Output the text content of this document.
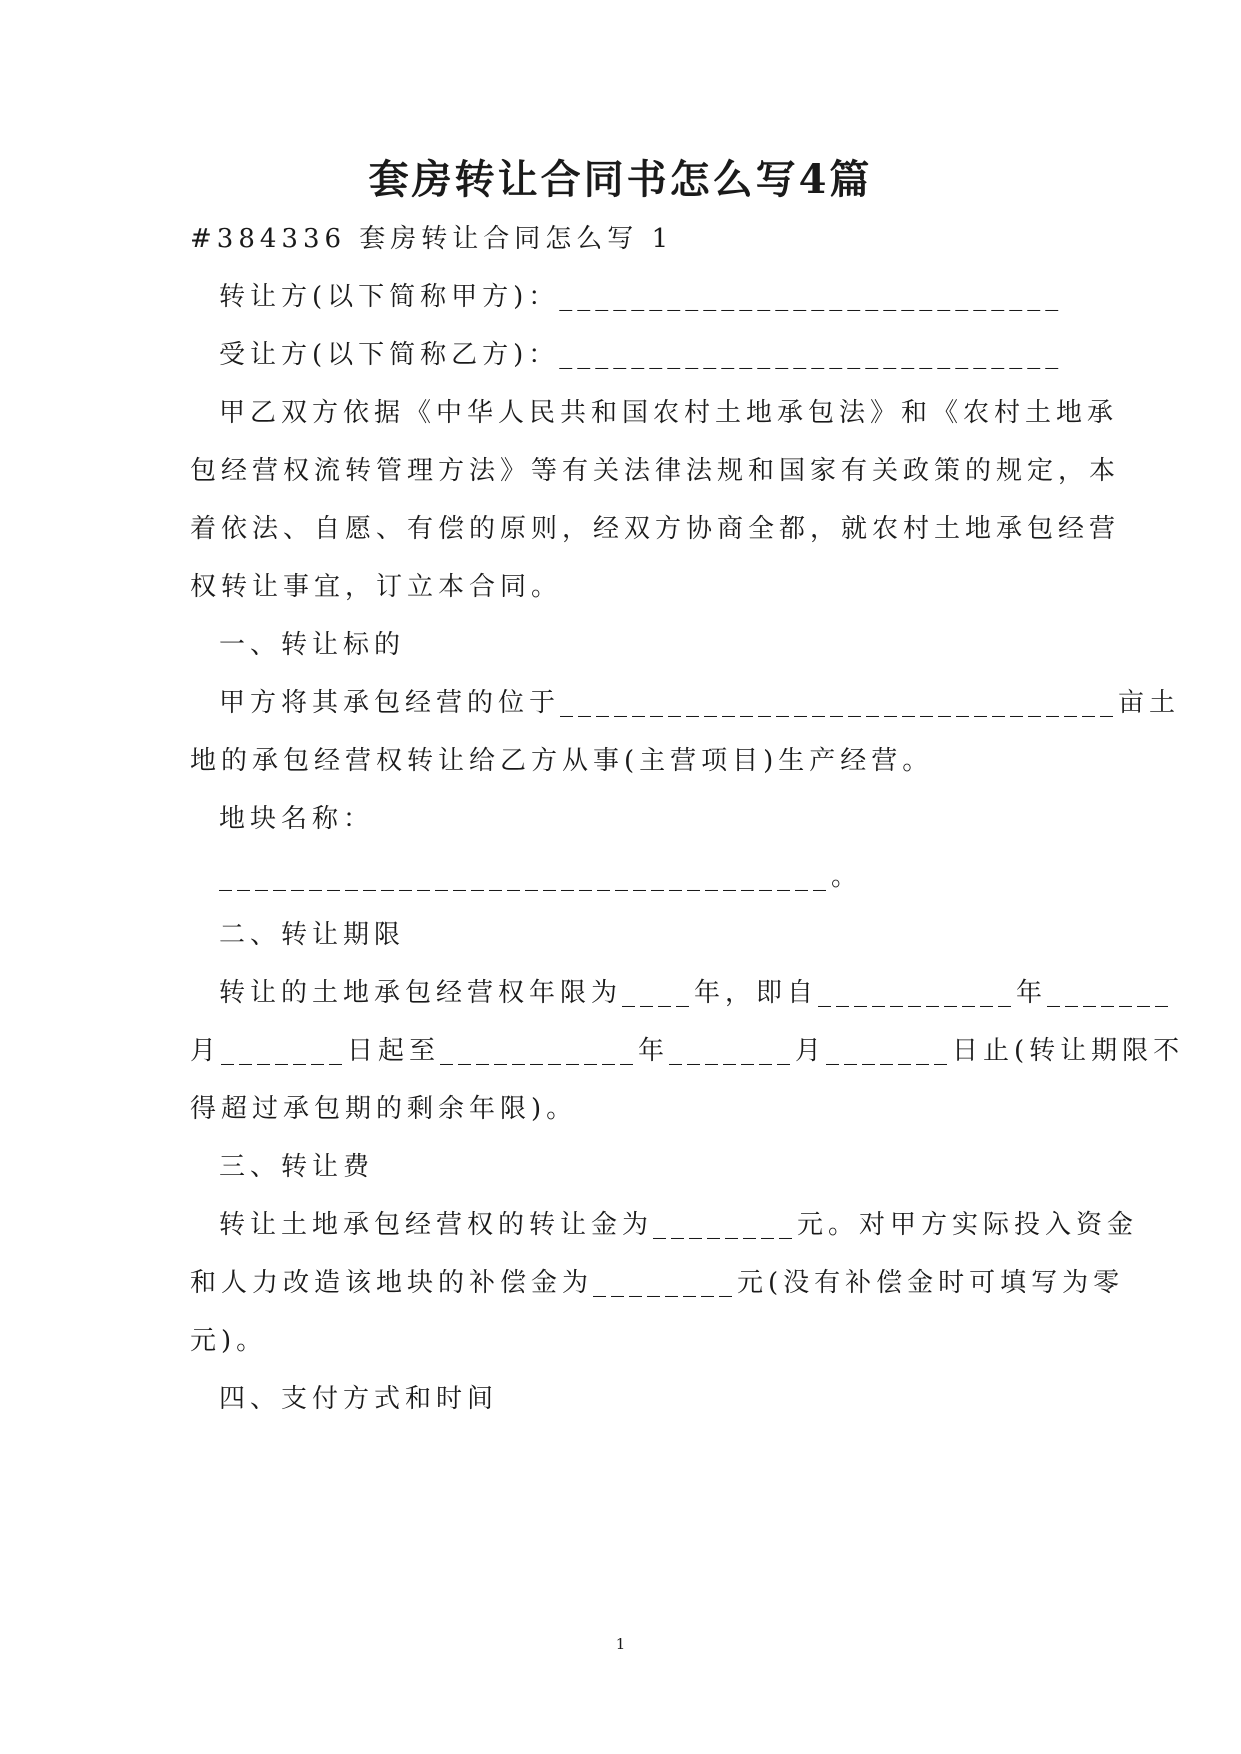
套房转让合同书怎么写4篇
#384336 套房转让合同怎么写 1
转让方(以下简称甲方)：____________________________
受让方(以下简称乙方)：____________________________
甲乙双方依据《中华人民共和国农村土地承包法》和《农村土地承
包经营权流转管理方法》等有关法律法规和国家有关政策的规定，本
着依法、自愿、有偿的原则，经双方协商全都，就农村土地承包经营
权转让事宜，订立本合同。
一、转让标的
甲方将其承包经营的位于_______________________________亩土
地的承包经营权转让给乙方从事(主营项目)生产经营。
地块名称：
__________________________________。
二、转让期限
转让的土地承包经营权年限为____年，即自___________年_______
月_______日起至___________年_______月_______日止(转让期限不
得超过承包期的剩余年限)。
三、转让费
转让土地承包经营权的转让金为________元。对甲方实际投入资金
和人力改造该地块的补偿金为________元(没有补偿金时可填写为零
元)。
四、支付方式和时间
1
